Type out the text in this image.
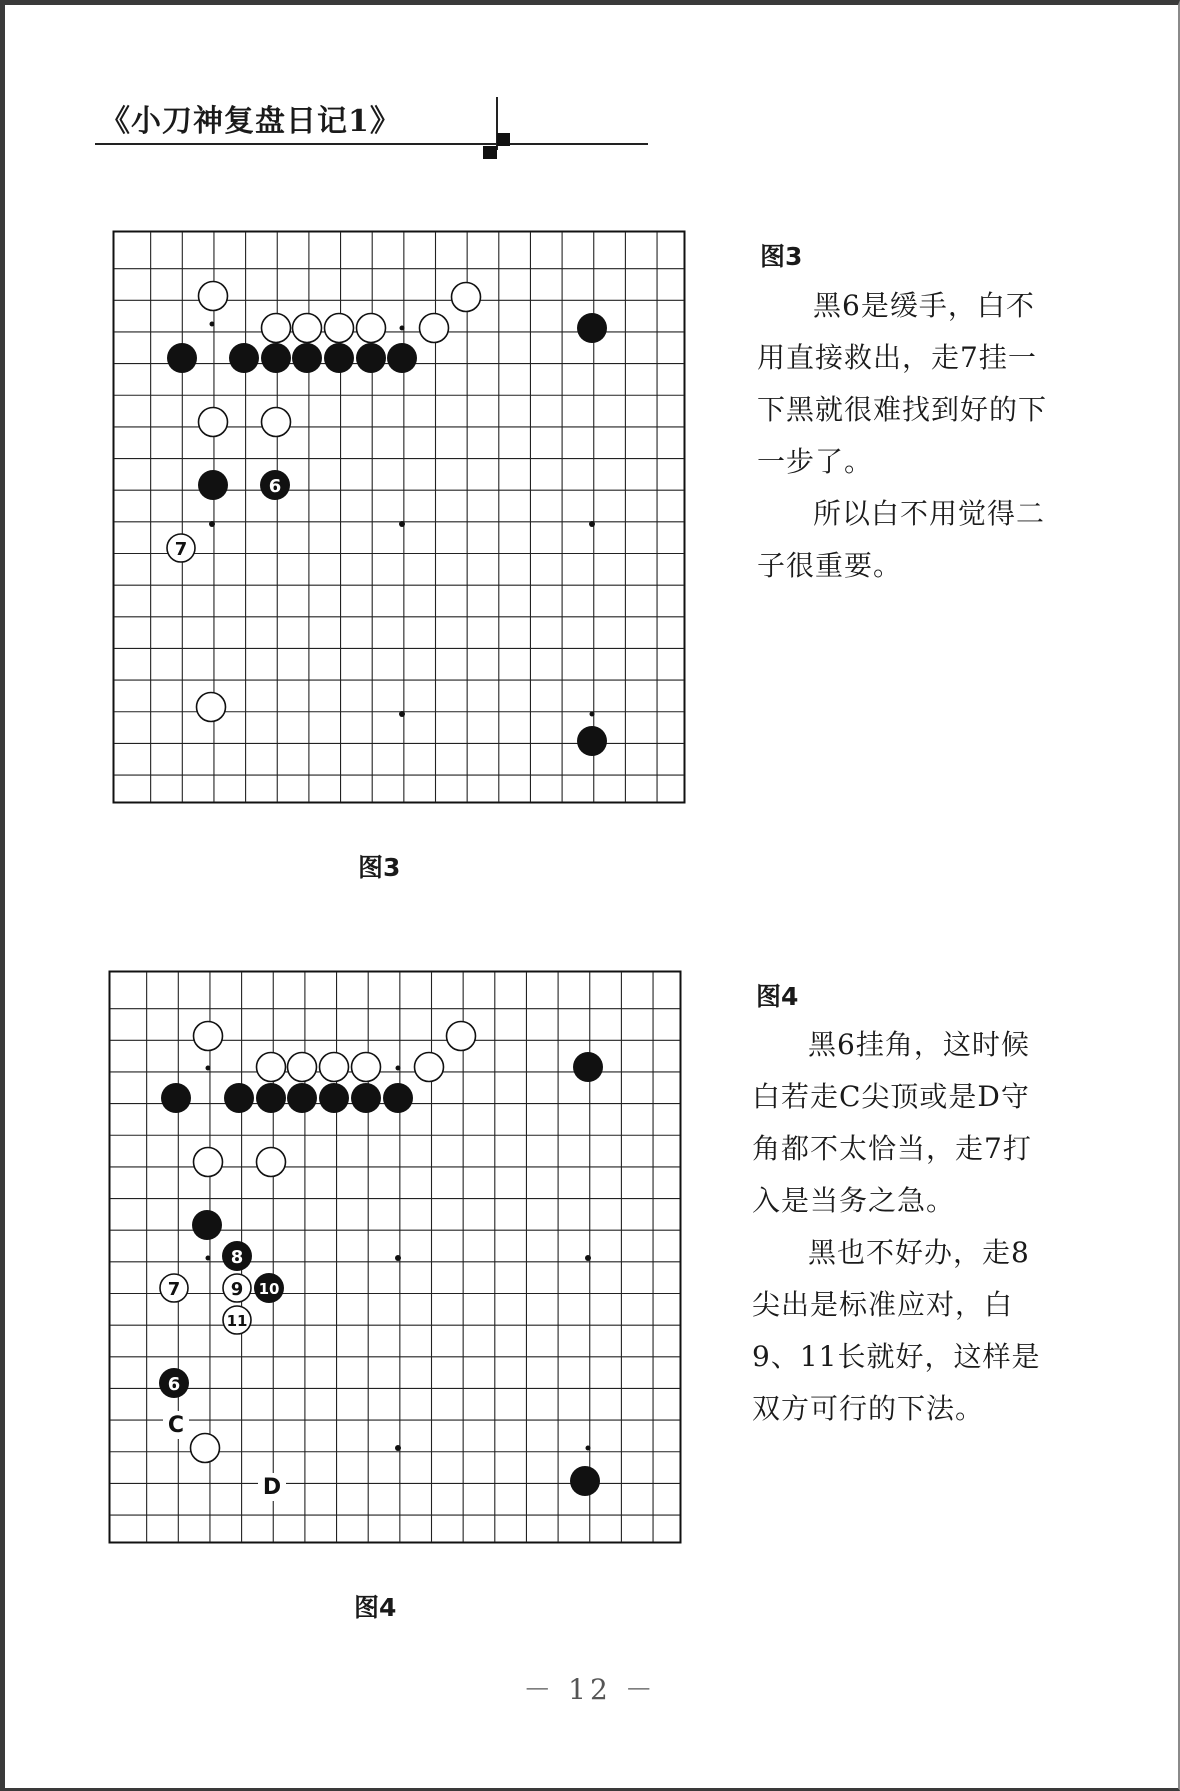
《小刀神复盘日记1》
6
7
图3
图3

黑6是缓手，白不用直接救出，走7挂一下黑就很难找到好的下一步了。

所以白不用觉得二子很重要。

C
D
6
7
8
9 10
11
图4
图4

黑6挂角，这时候白若走C尖顶或是D守角都不太恰当，走7打入是当务之急。

黑也不好办，走8尖出是标准应对，白9、11长就好，这样是双方可行的下法。

－ 12 －
